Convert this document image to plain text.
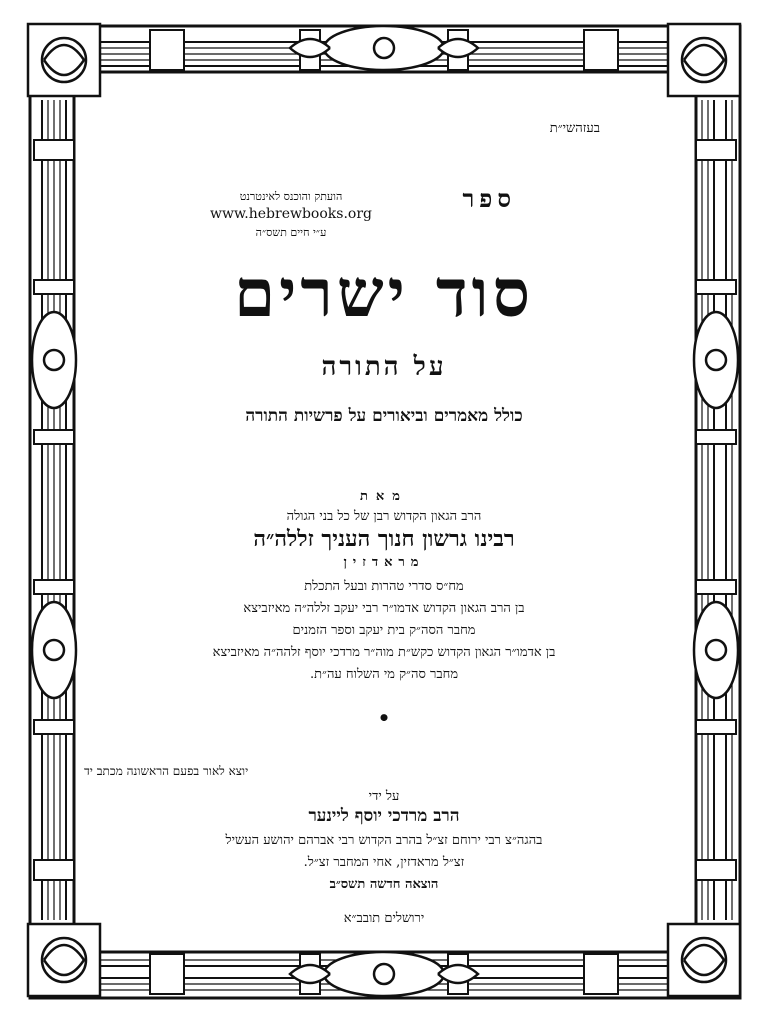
בעזהשי״ת
ספר
הועתק והוכנס לאינטרנט
www.hebrewbooks.org
ע״י חיים תשס״ה
סוד ישרים
על התורה
כולל מאמרים וביאורים על פרשיות התורה
מאת
הרב הגאון הקדוש רבן של כל בני הגולה
רבינו גרשון חנוך העניך זללה״ה
מראדזין
מח״ס סדרי טהרות ובעל התכלת
בן הרב הגאון הקדוש אדמו״ר רבי יעקב זללה״ה מאיזביצא
מחבר הסה״ק בית יעקב וספר הזמנים
בן אדמו״ר הגאון הקדוש כקש״ת מוה״ר מרדכי יוסף זלהה״ה מאיזביצא
מחבר סה״ק מי השלוח עה״ת.
•
יוצא לאור בפעם הראשונה מכתב יד
על ידי
הרב מרדכי יוסף ליינער
בהגה״צ רבי ירוחם זצ״ל בהרב הקדוש רבי אברהם יהושע העשיל
זצ״ל מראדזין, אחי המחבר זצ״ל.
הוצאה חדשה תשס״ב
ירושלים תובב״א
